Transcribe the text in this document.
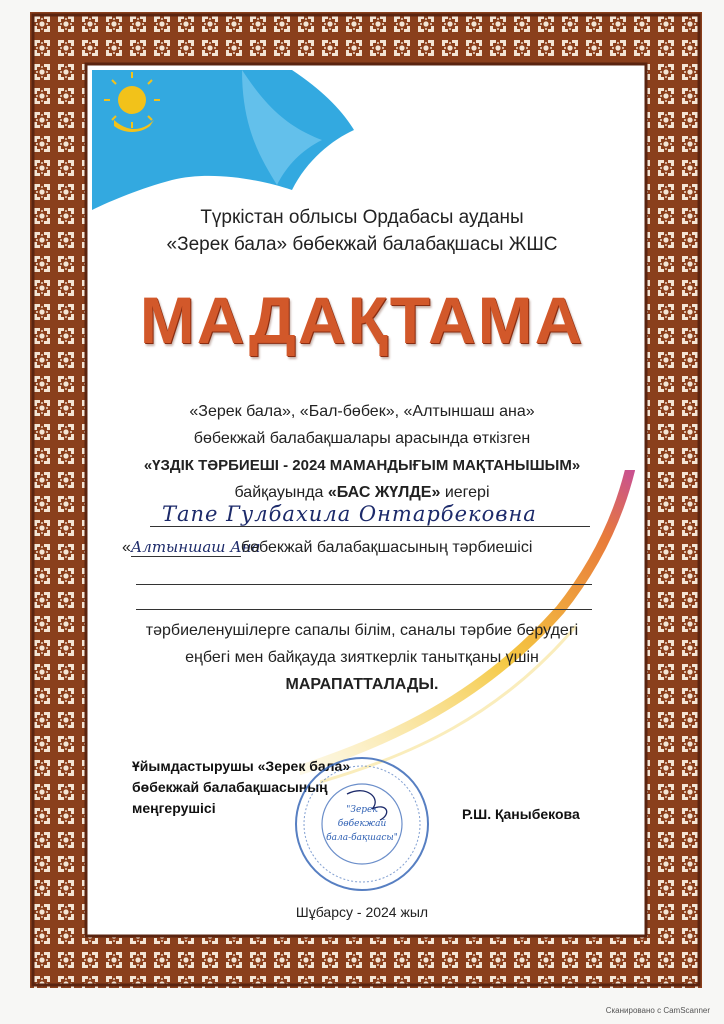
Түркістан облысы Ордабасы ауданы
«Зерек бала» бөбекжай балабақшасы ЖШС
МАДАҚТАМА
«Зерек бала», «Бал-бөбек», «Алтыншаш ана»
бөбекжай балабақшалары арасында өткізген
«ҮЗДІК ТӘРБИЕШІ - 2024 МАМАНДЫҒЫМ МАҚТАНЫШЫМ»
байқауында «БАС ЖҮЛДЕ» иегері
Тапе Гулбахила Онтарбековна
«Алтыншаш Анабөбекжай балабақшасының тәрбиешісі
тәрбиеленушілерге сапалы білім, саналы тәрбие берудегі
еңбегі мен байқауда зияткерлік танытқаны үшін
МАРАПАТТАЛАДЫ.
Ұйымдастырушы «Зерек бала»
бөбекжай балабақшасының
меңгерушісі	Р.Ш. Қаныбекова
"Зерек
бөбекжай
бала-бақшасы"
Шұбарсу - 2024 жыл
Сканировано с CamScanner
